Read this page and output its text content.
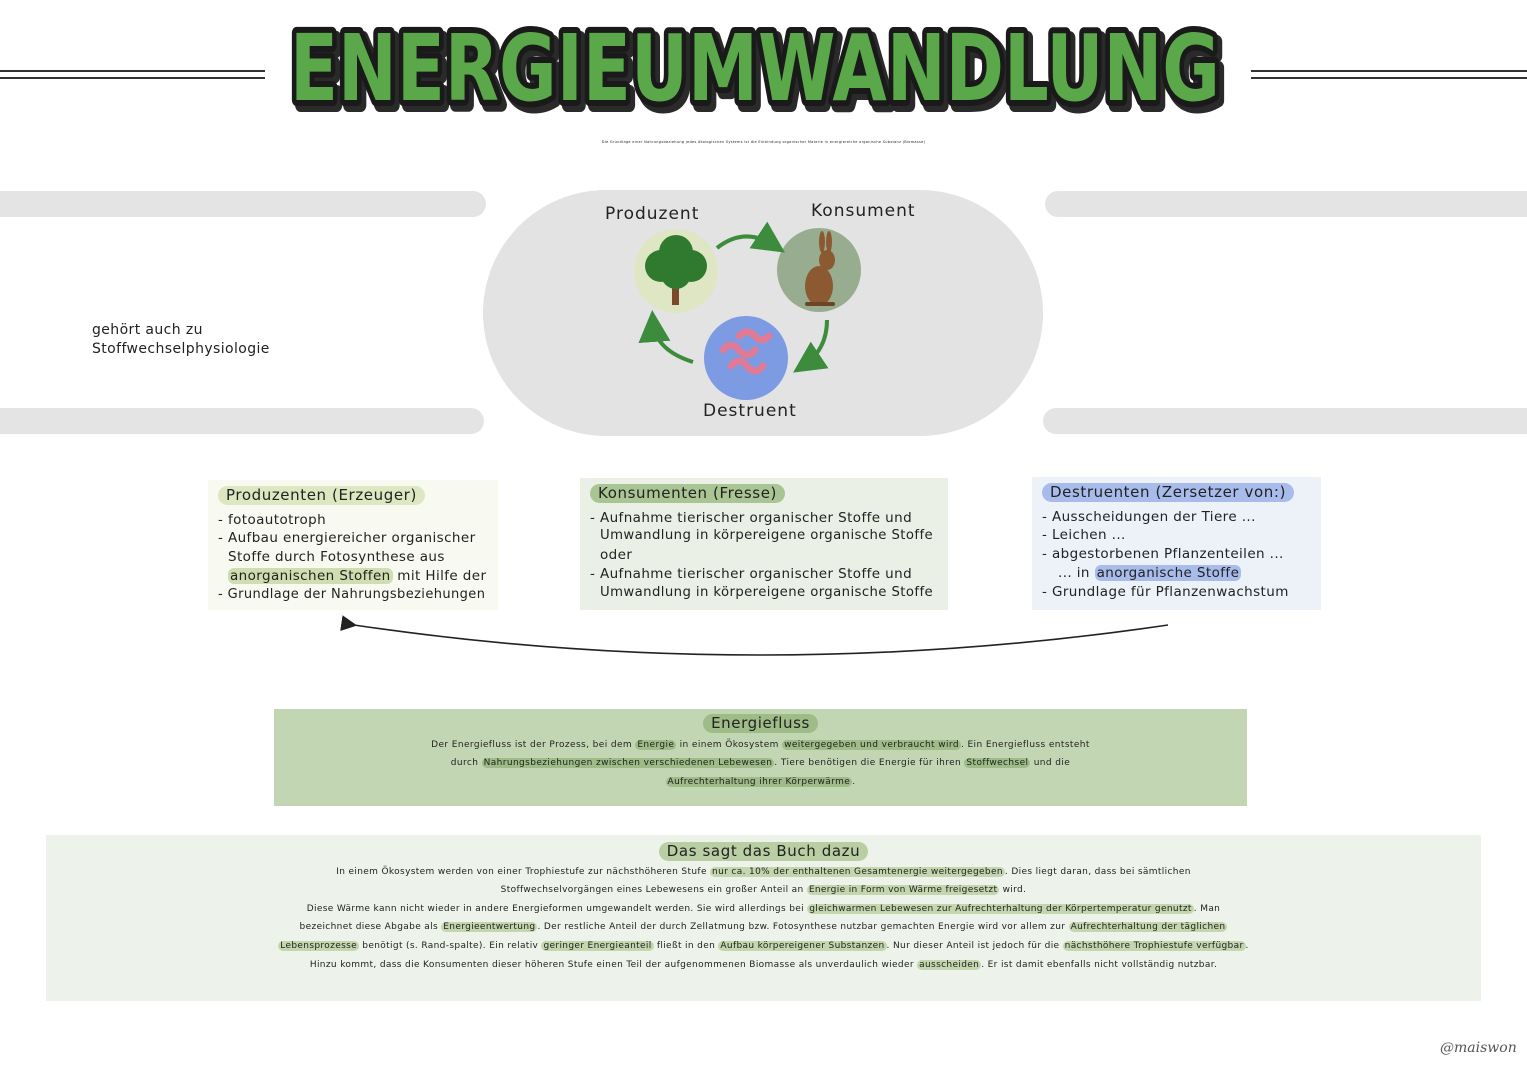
ENERGIEUMWANDLUNG
ENERGIEUMWANDLUNG
ENERGIEUMWANDLUNG
Die Grundlage einer Nahrungsbeziehung jedes ökologischen Systems ist die Einbindung organischer Materie in energiereiche organische Substanz (Biomasse)
gehört auch zu
Stoffwechselphysiologie
Produzent	Konsument
Destruent
Produzenten (Erzeuger)
- fotoautotroph
- Aufbau energiereicher organischer
Stoffe durch Fotosynthese aus
anorganischen Stoffen mit Hilfe der
- Grundlage der Nahrungsbeziehungen
Konsumenten (Fresse)
- Aufnahme tierischer organischer Stoffe und
Umwandlung in körpereigene organische Stoffe
oder
- Aufnahme tierischer organischer Stoffe und
Umwandlung in körpereigene organische Stoffe
Destruenten (Zersetzer von:)
- Ausscheidungen der Tiere ...
- Leichen ...
- abgestorbenen Pflanzenteilen ...
... in anorganische Stoffe
- Grundlage für Pflanzenwachstum
Energiefluss
Der Energiefluss ist der Prozess, bei dem Energie in einem Ökosystem weitergegeben und verbraucht wird . Ein Energiefluss entsteht
durch Nahrungsbeziehungen zwischen verschiedenen Lebewesen . Tiere benötigen die Energie für ihren Stoffwechsel und die
Aufrechterhaltung ihrer Körperwärme .
Das sagt das Buch dazu
In einem Ökosystem werden von einer Trophiestufe zur nächsthöheren Stufe nur ca. 10% der enthaltenen Gesamtenergie weitergegeben . Dies liegt daran, dass bei sämtlichen
Stoffwechselvorgängen eines Lebewesens ein großer Anteil an Energie in Form von Wärme freigesetzt wird.
Diese Wärme kann nicht wieder in andere Energieformen umgewandelt werden. Sie wird allerdings bei gleichwarmen Lebewesen zur Aufrechterhaltung der Körpertemperatur genutzt . Man
bezeichnet diese Abgabe als Energieentwertung . Der restliche Anteil der durch Zellatmung bzw. Fotosynthese nutzbar gemachten Energie wird vor allem zur Aufrechterhaltung der täglichen
Lebensprozesse benötigt (s. Rand-spalte). Ein relativ geringer Energieanteil fließt in den Aufbau körpereigener Substanzen . Nur dieser Anteil ist jedoch für die nächsthöhere Trophiestufe verfügbar .
Hinzu kommt, dass die Konsumenten dieser höheren Stufe einen Teil der aufgenommenen Biomasse als unverdaulich wieder ausscheiden . Er ist damit ebenfalls nicht vollständig nutzbar.
@maiswon
